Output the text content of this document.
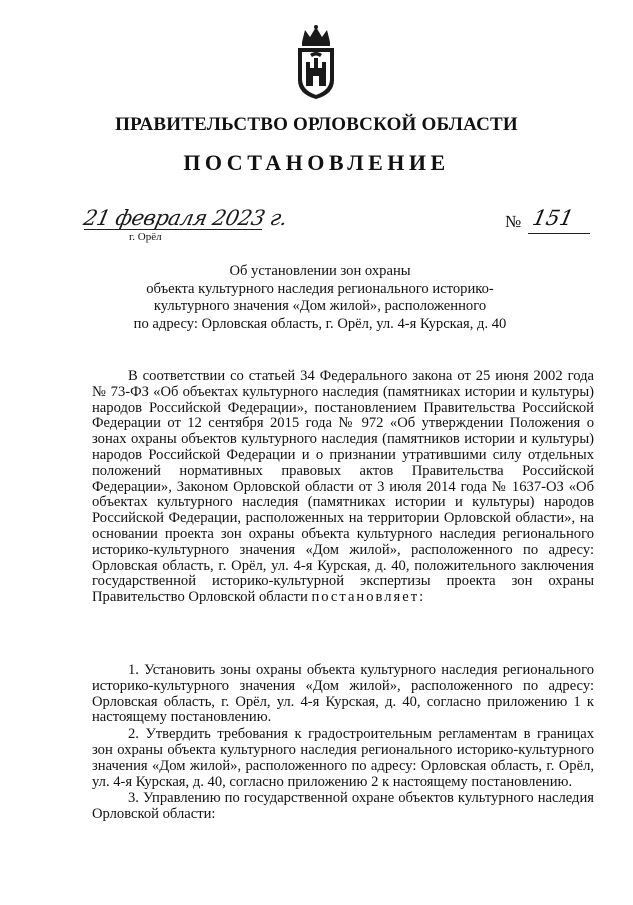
ПРАВИТЕЛЬСТВО ОРЛОВСКОЙ ОБЛАСТИ
ПОСТАНОВЛЕНИЕ
21 февраля 2023 г.
г. Орёл
№ 151
Об установлении зон охраны
объекта культурного наследия регионального историко-
культурного значения «Дом жилой», расположенного
по адресу: Орловская область, г. Орёл, ул. 4-я Курская, д. 40

В соответствии со статьей 34 Федерального закона от 25 июня 2002 года № 73-ФЗ «Об объектах культурного наследия (памятниках истории и культуры) народов Российской Федерации», постановлением Правительства Российской Федерации от 12 сентября 2015 года № 972 «Об утверждении Положения о зонах охраны объектов культурного наследия (памятников истории и культуры) народов Российской Федерации и о признании утратившими силу отдельных положений нормативных правовых актов Правительства Российской Федерации», Законом Орловской области от 3 июля 2014 года № 1637-ОЗ «Об объектах культурного наследия (памятниках истории и культуры) народов Российской Федерации, расположенных на территории Орловской области», на основании проекта зон охраны объекта культурного наследия регионального историко-культурного значения «Дом жилой», расположенного по адресу: Орловская область, г. Орёл, ул. 4-я Курская, д. 40, положительного заключения государственной историко-культурной экспертизы проекта зон охраны Правительство Орловской области постановляет:

1. Установить зоны охраны объекта культурного наследия регионального историко-культурного значения «Дом жилой», расположенного по адресу: Орловская область, г. Орёл, ул. 4-я Курская, д. 40, согласно приложению 1 к настоящему постановлению.

2. Утвердить требования к градостроительным регламентам в границах зон охраны объекта культурного наследия регионального историко-культурного значения «Дом жилой», расположенного по адресу: Орловская область, г. Орёл, ул. 4-я Курская, д. 40, согласно приложению 2 к настоящему постановлению.

3. Управлению по государственной охране объектов культурного наследия Орловской области:
